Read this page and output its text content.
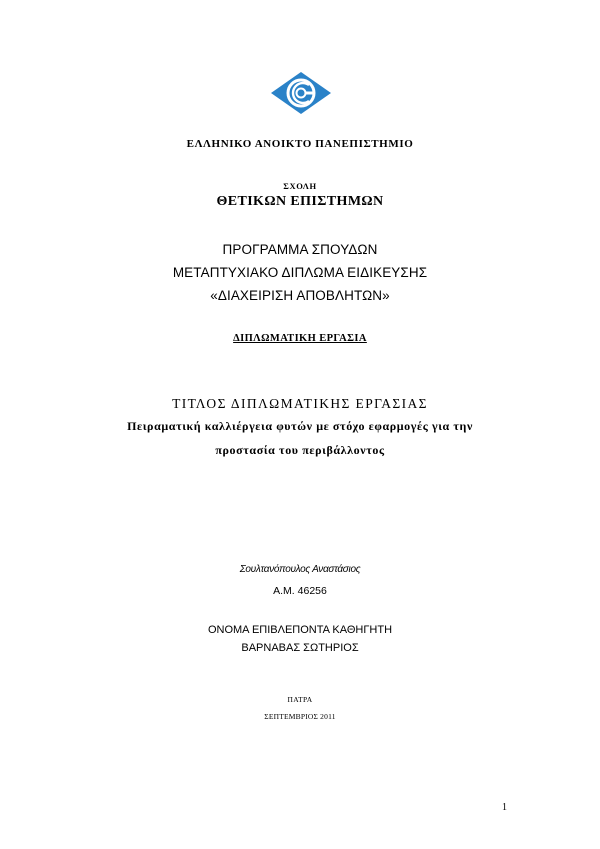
ΕΛΛΗΝΙΚΟ ΑΝΟΙΚΤΟ ΠΑΝΕΠΙΣΤΗΜΙΟ
ΣΧΟΛΗ
ΘΕΤΙΚΩΝ ΕΠΙΣΤΗΜΩΝ
ΠΡΟΓΡΑΜΜΑ ΣΠΟΥΔΩΝ
ΜΕΤΑΠΤΥΧΙΑΚΟ ΔΙΠΛΩΜΑ ΕΙΔΙΚΕΥΣΗΣ
«ΔΙΑΧΕΙΡΙΣΗ ΑΠΟΒΛΗΤΩΝ»
ΔΙΠΛΩΜΑΤΙΚΗ ΕΡΓΑΣΙΑ
ΤΙΤΛΟΣ ΔΙΠΛΩΜΑΤΙΚΗΣ ΕΡΓΑΣΙΑΣ
Πειραματική καλλιέργεια φυτών με στόχο εφαρμογές για την
προστασία του περιβάλλοντος
Σουλτανόπουλος Αναστάσιος
Α.Μ. 46256
ΟΝΟΜΑ ΕΠΙΒΛΕΠΟΝΤΑ ΚΑΘΗΓΗΤΗ
ΒΑΡΝΑΒΑΣ ΣΩΤΗΡΙΟΣ
ΠΑΤΡΑ
ΣΕΠΤΕΜΒΡΙΟΣ 2011
1
